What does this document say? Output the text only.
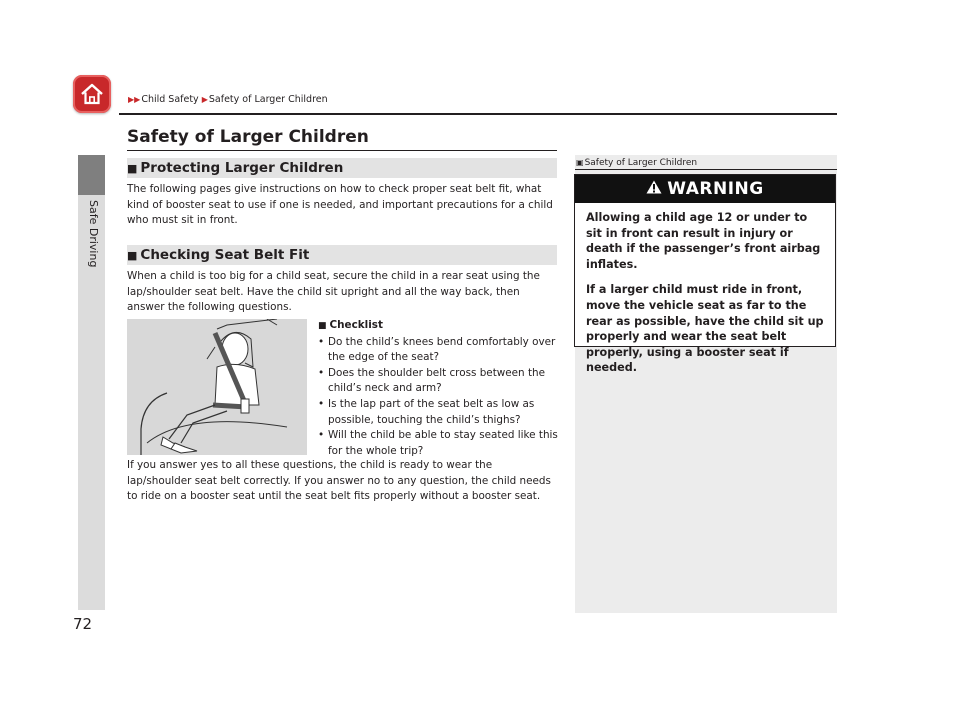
▶▶Child Safety ▶Safety of Larger Children
Safe Driving
Safety of Larger Children
■ Protecting Larger Children

The following pages give instructions on how to check proper seat belt fit, what kind of booster seat to use if one is needed, and important precautions for a child who must sit in front.

■ Checking Seat Belt Fit

When a child is too big for a child seat, secure the child in a rear seat using the lap/shoulder seat belt. Have the child sit upright and all the way back, then answer the following questions.

■ Checklist
• Do the child’s knees bend comfortably over the edge of the seat?
• Does the shoulder belt cross between the child’s neck and arm?
• Is the lap part of the seat belt as low as possible, touching the child’s thighs?
• Will the child be able to stay seated like this for the whole trip?

If you answer yes to all these questions, the child is ready to wear the lap/shoulder seat belt correctly. If you answer no to any question, the child needs to ride on a booster seat until the seat belt fits properly without a booster seat.

▣Safety of Larger Children
WARNING

Allowing a child age 12 or under to sit in front can result in injury or death if the passenger’s front airbag inflates.

If a larger child must ride in front, move the vehicle seat as far to the rear as possible, have the child sit up properly and wear the seat belt properly, using a booster seat if needed.

72
